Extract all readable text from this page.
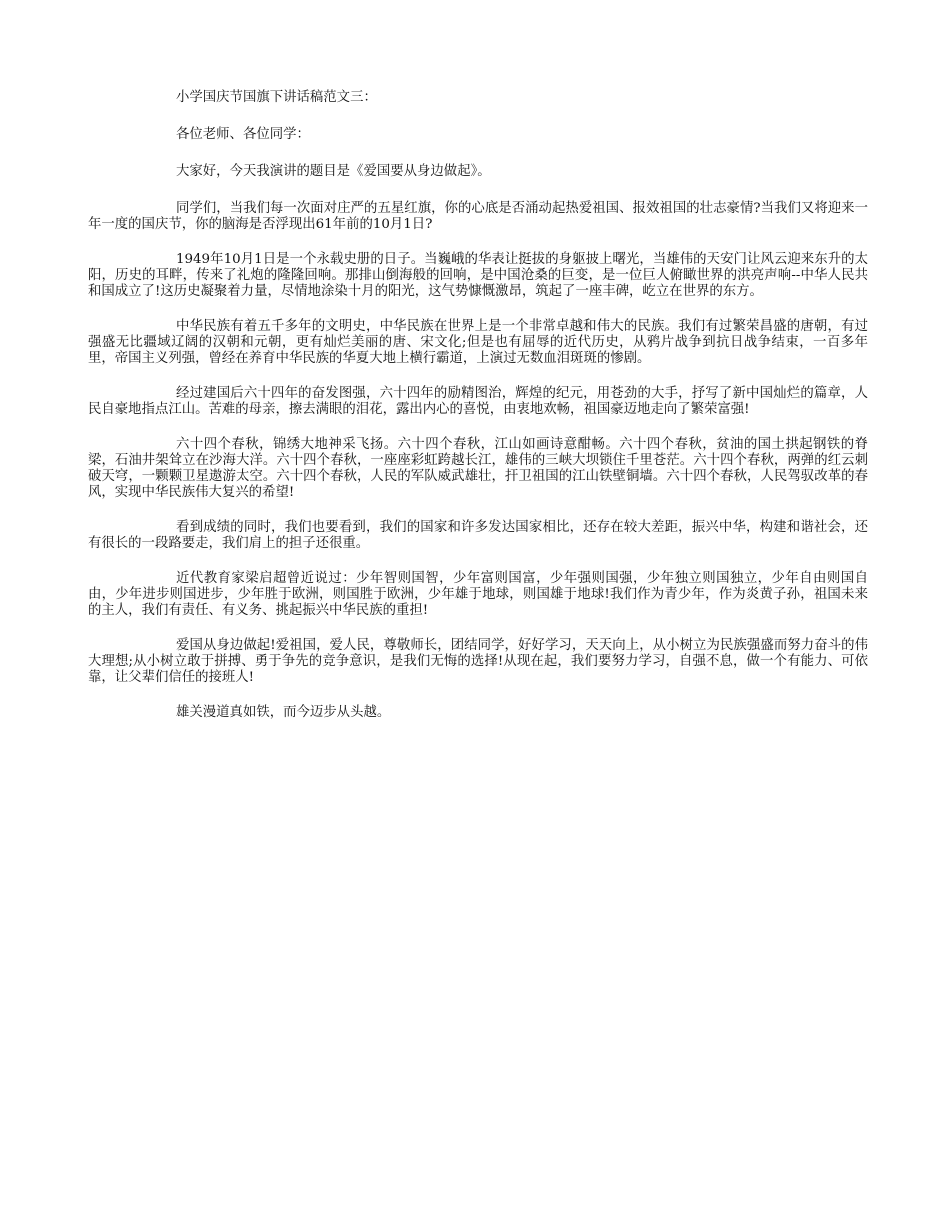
小学国庆节国旗下讲话稿范文三：

各位老师、各位同学：

大家好，今天我演讲的题目是《爱国要从身边做起》。

同学们，当我们每一次面对庄严的五星红旗，你的心底是否涌动起热爱祖国、报效祖国的壮志豪情?当我们又将迎来一年一度的国庆节，你的脑海是否浮现出61年前的10月1日?

1949年10月1日是一个永载史册的日子。当巍峨的华表让挺拔的身躯披上曙光，当雄伟的天安门让风云迎来东升的太阳，历史的耳畔，传来了礼炮的隆隆回响。那排山倒海般的回响，是中国沧桑的巨变，是一位巨人俯瞰世界的洪亮声响--中华人民共和国成立了!这历史凝聚着力量，尽情地涂染十月的阳光，这气势慷慨激昂，筑起了一座丰碑，屹立在世界的东方。

中华民族有着五千多年的文明史，中华民族在世界上是一个非常卓越和伟大的民族。我们有过繁荣昌盛的唐朝，有过强盛无比疆域辽阔的汉朝和元朝，更有灿烂美丽的唐、宋文化;但是也有屈辱的近代历史，从鸦片战争到抗日战争结束，一百多年里，帝国主义列强，曾经在养育中华民族的华夏大地上横行霸道，上演过无数血泪斑斑的惨剧。

经过建国后六十四年的奋发图强，六十四年的励精图治，辉煌的纪元，用苍劲的大手，抒写了新中国灿烂的篇章，人民自豪地指点江山。苦难的母亲，擦去满眼的泪花，露出内心的喜悦，由衷地欢畅，祖国豪迈地走向了繁荣富强!

六十四个春秋，锦绣大地神采飞扬。六十四个春秋，江山如画诗意酣畅。六十四个春秋，贫油的国土拱起钢铁的脊梁，石油井架耸立在沙海大洋。六十四个春秋，一座座彩虹跨越长江，雄伟的三峡大坝锁住千里苍茫。六十四个春秋，两弹的红云刺破天穹，一颗颗卫星遨游太空。六十四个春秋，人民的军队威武雄壮，扞卫祖国的江山铁壁铜墙。六十四个春秋，人民驾驭改革的春风，实现中华民族伟大复兴的希望!

看到成绩的同时，我们也要看到，我们的国家和许多发达国家相比，还存在较大差距，振兴中华，构建和谐社会，还有很长的一段路要走，我们肩上的担子还很重。

近代教育家梁启超曾近说过：少年智则国智，少年富则国富，少年强则国强，少年独立则国独立，少年自由则国自由，少年进步则国进步，少年胜于欧洲，则国胜于欧洲，少年雄于地球，则国雄于地球!我们作为青少年，作为炎黄子孙，祖国未来的主人，我们有责任、有义务、挑起振兴中华民族的重担!

爱国从身边做起!爱祖国，爱人民，尊敬师长，团结同学，好好学习，天天向上，从小树立为民族强盛而努力奋斗的伟大理想;从小树立敢于拼搏、勇于争先的竞争意识，是我们无悔的选择!从现在起，我们要努力学习，自强不息，做一个有能力、可依靠，让父辈们信任的接班人!

雄关漫道真如铁，而今迈步从头越。
